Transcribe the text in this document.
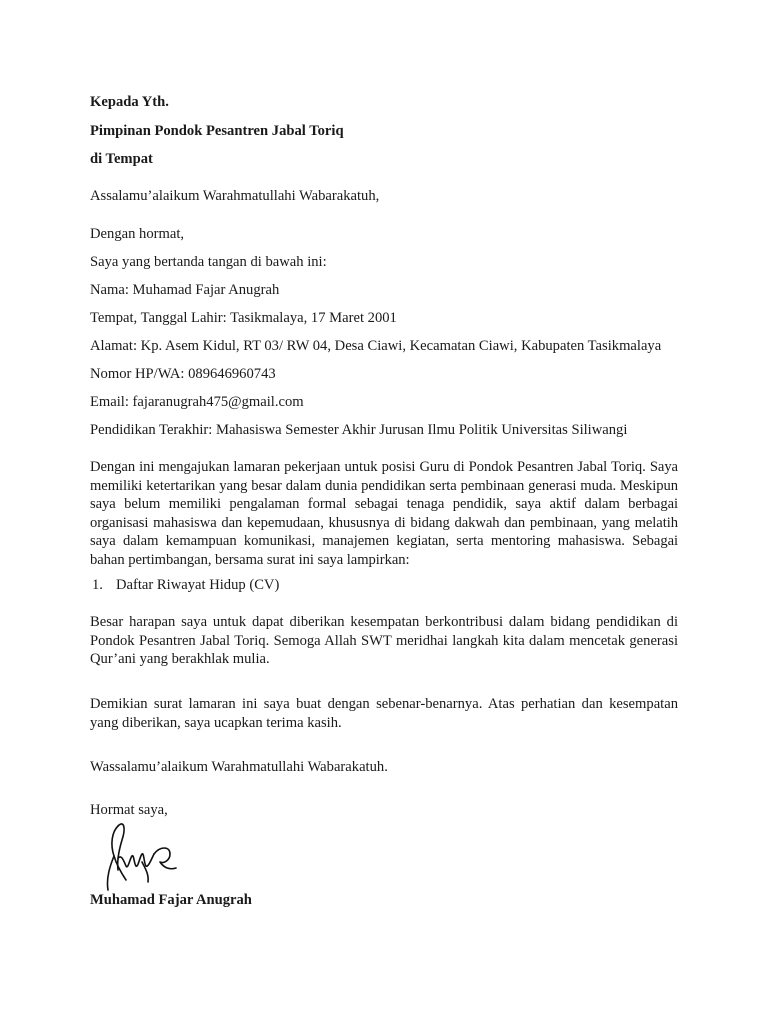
Kepada Yth.
Pimpinan Pondok Pesantren Jabal Toriq
di Tempat
Assalamu’alaikum Warahmatullahi Wabarakatuh,
Dengan hormat,
Saya yang bertanda tangan di bawah ini:
Nama: Muhamad Fajar Anugrah
Tempat, Tanggal Lahir: Tasikmalaya, 17 Maret 2001
Alamat: Kp. Asem Kidul, RT 03/ RW 04, Desa Ciawi, Kecamatan Ciawi, Kabupaten Tasikmalaya
Nomor HP/WA: 089646960743
Email: fajaranugrah475@gmail.com
Pendidikan Terakhir: Mahasiswa Semester Akhir Jurusan Ilmu Politik Universitas Siliwangi
Dengan ini mengajukan lamaran pekerjaan untuk posisi Guru di Pondok Pesantren Jabal Toriq. Saya memiliki ketertarikan yang besar dalam dunia pendidikan serta pembinaan generasi muda. Meskipun saya belum memiliki pengalaman formal sebagai tenaga pendidik, saya aktif dalam berbagai organisasi mahasiswa dan kepemudaan, khususnya di bidang dakwah dan pembinaan, yang melatih saya dalam kemampuan komunikasi, manajemen kegiatan, serta mentoring mahasiswa. Sebagai bahan pertimbangan, bersama surat ini saya lampirkan:
1. Daftar Riwayat Hidup (CV)
Besar harapan saya untuk dapat diberikan kesempatan berkontribusi dalam bidang pendidikan di Pondok Pesantren Jabal Toriq. Semoga Allah SWT meridhai langkah kita dalam mencetak generasi Qur’ani yang berakhlak mulia.
Demikian surat lamaran ini saya buat dengan sebenar-benarnya. Atas perhatian dan kesempatan yang diberikan, saya ucapkan terima kasih.
Wassalamu’alaikum Warahmatullahi Wabarakatuh.
Hormat saya,
Muhamad Fajar Anugrah
